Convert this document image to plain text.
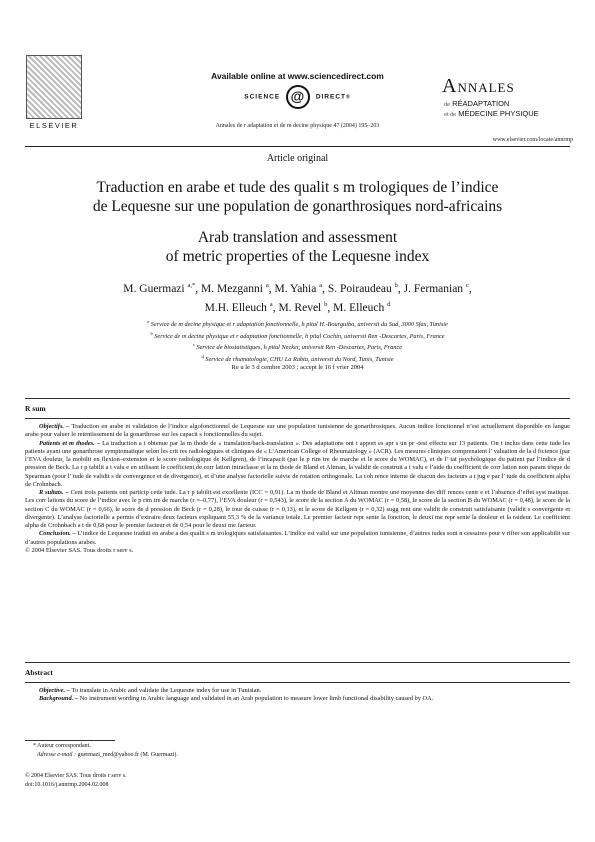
ELSEVIER
Available online at www.sciencedirect.com
SCIENCE @ DIRECT®
Annales de r adaptation et de m decine physique 47 (2004) 195–203
ANNALES
de RÉADAPTATION
et de MÉDECINE PHYSIQUE
www.elsevier.com/locate/annrmp
Article original
Traduction en arabe et tude des qualit s m trologiques de l’indice
de Lequesne sur une population de gonarthrosiques nord-africains
Arab translation and assessment
of metric properties of the Lequesne index
M. Guermazi $^{a,*}$, M. Mezganni $^a$, M. Yahia $^a$, S. Poiraudeau $^b$, J. Fermanian $^c$,
M.H. Elleuch $^a$, M. Revel $^b$, M. Elleuch $^d$
$^a$ Service de m decine physique et r adaptation fonctionnelle, h pital H.-Bourguiba, universit du Sud, 3000 Sfax, Tunisie
$^b$ Service de m decine physique et r adaptation fonctionnelle, h pital Cochin, universit Ren -Descartes, Paris, France
$^c$ Service de biostatistiques, h pital Necker, universit Ren -Descartes, Paris, France
$^d$ Service de rhumatologie, CHU La Rabta, universit du Nord, Tunis, Tunisie
Re u le 3 d cembre 2003 ; accept le 16 f vrier 2004
R sum
Objectifs. – Traduction en arabe et validation de l’indice algofonctionnel de Lequesne sur une population tunisienne de gonarthrosiques. Aucun indice fonctionnel n’est actuellement disponible en langue arabe pour valuer le retentissement de la gonarthrose sur les capacit s fonctionnelles du sujet.
Patients et m thodes. – La traduction a t obtenue par la m thode de « translation/back-translation ». Des adaptations ont t apport es apr s un pr -test effectu sur 13 patients. On t inclus dans cette tude les patients ayant une gonarthrose symptomatique selon les crit res radiologiques et cliniques de « L’American College of Rheumatology » (ACR). Les mesures cliniques comprenaient l’ valuation de la d ficience (par l’EVA douleur, la mobilit en flexion–extension et le score radiologique de Kellgren), de l’incapacit (par le p rim tre de marche et le score du WOMAC), et de l’ tat psychologique du patient par l’indice de d pression de Beck. La r p tabilit a t valu e en utilisant le coefficient de corr lation intraclasse et la m thode de Bland et Altman, la validit de construit a t valu e l’aide du coefficient de corr lation non param trique de Spearman (pour l’ tude de validit s de convergence et de divergence), et d’une analyse factorielle suivie de rotation orthogonale. La coh rence interne de chacun des facteurs a t jug e par l’ tude du coefficient alpha de Crohnbach.
R sultats. – Cent trois patients ont particip cette tude. La r p tabilit est excellente (ICC = 0,91). La m thode de Bland et Altman montre une moyenne des diff rences centr e et l’absence d’effet syst matique. Les corr lations du score de l’indice avec le p rim tre de marche (r =–0,77), l’EVA douleur (r = 0,543), le score de la section A du WOMAC (r = 0,58), le score de la section B du WOMAC (r = 0,48), le score de la section C du WOMAC (r = 0,66), le score de d pression de Beck (r = 0,28), le tour de cuisse (r = 0,13), et le score de Kellgren (r = 0,32) sugg rent une validit de construit satisfaisante (validit s convergente et divergente). L’analyse factorielle a permis d’extraire deux facteurs expliquant 55,3 % de la variance totale. Le premier facteur repr sente la fonction, le deuxi me repr sente la douleur et la raideur. Le coefficient alpha de Crohnbach a t de 0,68 pour le premier facteur et de 0,54 pour le deuxi me facteur.
Conclusion. – L’indice de Lequesne traduit en arabe a des qualit s m trologiques satisfaisantes. L’indice est valid sur une population tunisienne, d’autres tudes sont n cessaires pour v rifier son applicabilit sur d’autres populations arabes.
© 2004 Elsevier SAS. Tous droits r serv s.
Abstract
Objective. – To translate in Arabic and validate the Lequesne index for use in Tunisian.
Background. – No instrument wording in Arabic language and validated in an Arab population to measure lower limb functional disability caused by OA.
* Auteur correspondant.
Adresse e-mail : guermazi_med@yahoo.fr (M. Guermazi).
© 2004 Elsevier SAS. Tous droits r serv s.
doi:10.1016/j.annrmp.2004.02.008
